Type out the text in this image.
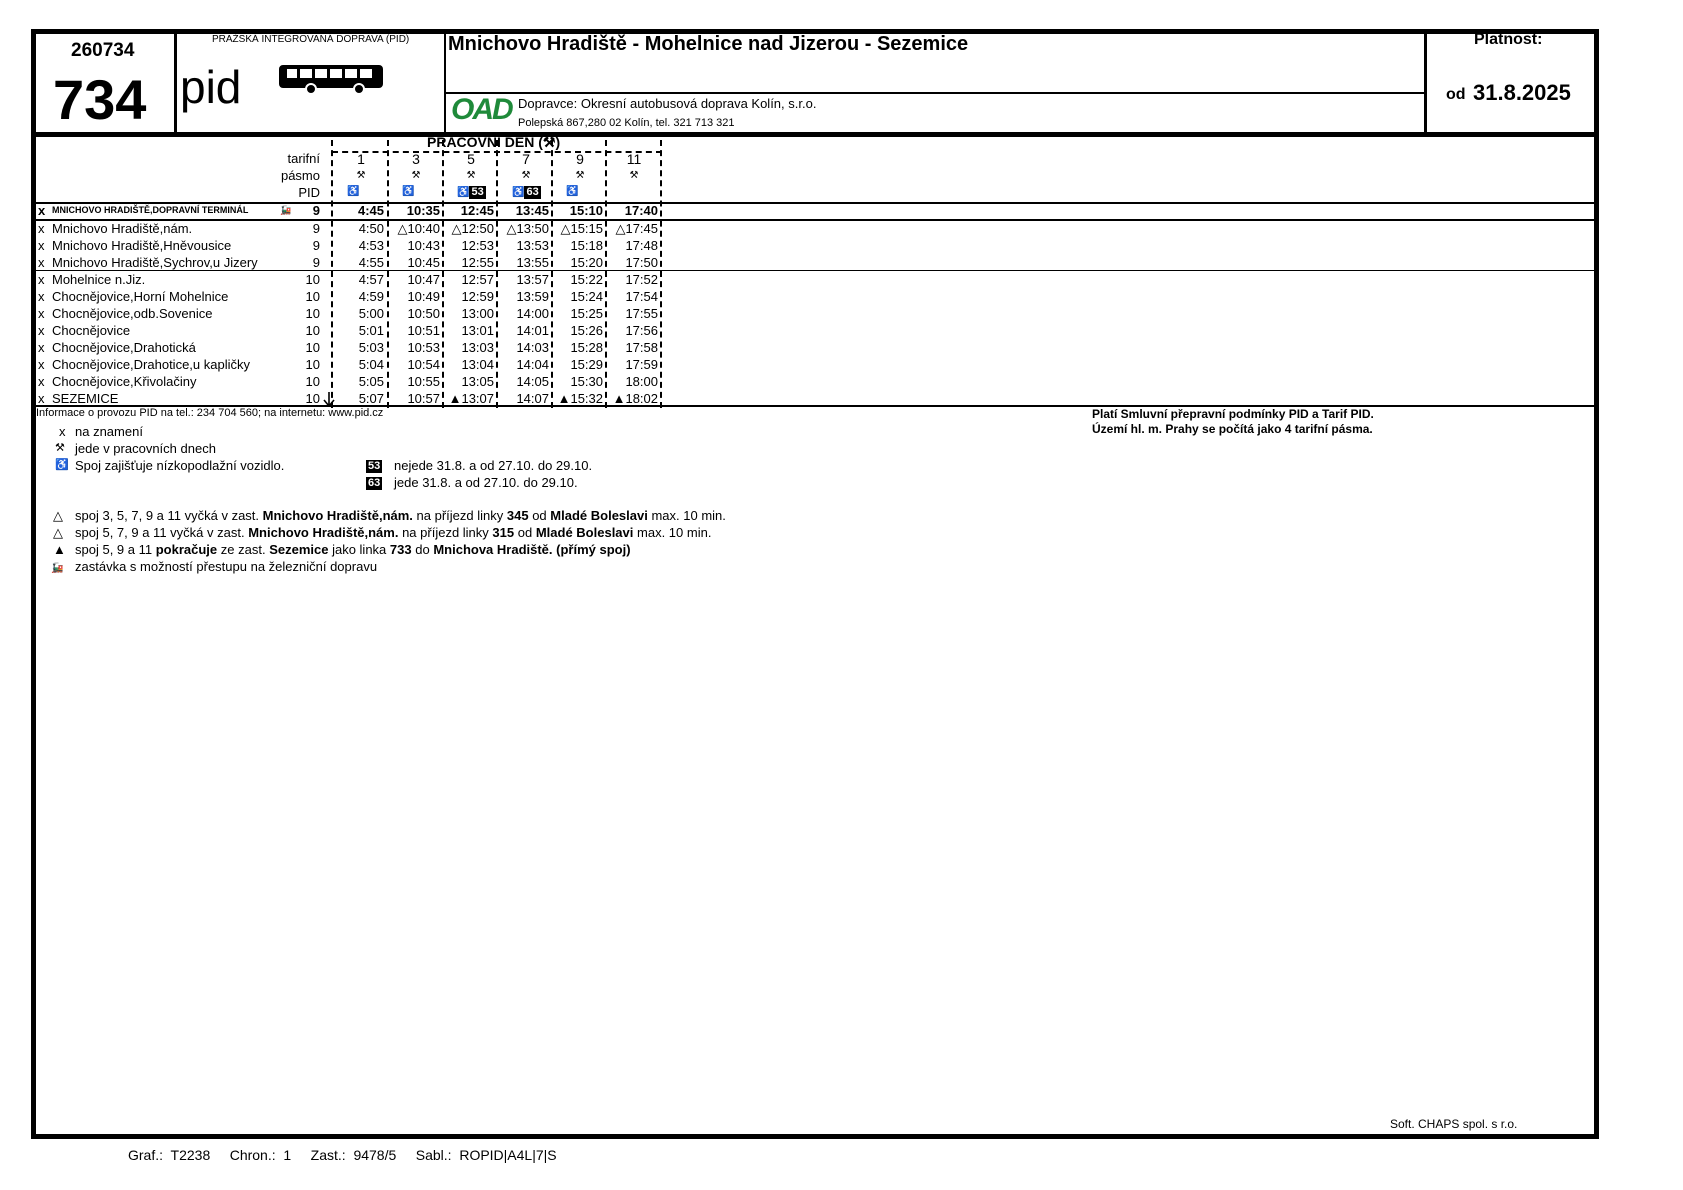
260734
734
PRAŽSKÁ INTEGROVANÁ DOPRAVA (PID)
pid
Mnichovo Hradiště - Mohelnice nad Jizerou - Sezemice
OAD Dopravce: Okresní autobusová doprava Kolín, s.r.o.
Polepská 867,280 02 Kolín, tel. 321 713 321
Platnost:
od 31.8.2025
PRACOVNÍ DEN (⚒)
tarifní
pásmo
PID
1
⚒
♿
3
⚒
♿
5
⚒
♿ 53
7
⚒
♿ 63
9
⚒
♿
11
⚒
x MNICHOVO HRADIŠTĚ,DOPRAVNÍ TERMINÁL	🚂	9	4:45	10:35	12:45	13:45	15:10	17:40
x Mnichovo Hradiště,nám.	9	4:50	△10:40 △12:50 △13:50 △15:15 △17:45
x Mnichovo Hradiště,Hněvousice	9	4:53	10:43	12:53	13:53	15:18	17:48
x Mnichovo Hradiště,Sychrov,u Jizery	9	4:55	10:45	12:55	13:55	15:20	17:50
x Mohelnice n.Jiz.	10	4:57	10:47	12:57	13:57	15:22	17:52
x Chocnějovice,Horní Mohelnice	10	4:59	10:49	12:59	13:59	15:24	17:54
x Chocnějovice,odb.Sovenice	10	5:00	10:50	13:00	14:00	15:25	17:55
x Chocnějovice	10	5:01	10:51	13:01	14:01	15:26	17:56
x Chocnějovice,Drahotická	10	5:03	10:53	13:03	14:03	15:28	17:58
x Chocnějovice,Drahotice,u kapličky	10	5:04	10:54	13:04	14:04	15:29	17:59
x Chocnějovice,Křivolačiny	10	5:05	10:55	13:05	14:05	15:30	18:00
x SEZEMICE	10	5:07	10:57 ▲13:07	14:07 ▲15:32 ▲18:02
Informace o provozu PID na tel.: 234 704 560; na internetu: www.pid.cz	Platí Smluvní přepravní podmínky PID a Tarif PID.
Území hl. m. Prahy se počítá jako 4 tarifní pásma.
x na znamení
⚒ jede v pracovních dnech
♿ Spoj zajišťuje nízkopodlažní vozidlo.	53 nejede 31.8. a od 27.10. do 29.10.
63 jede 31.8. a od 27.10. do 29.10.
△ spoj 3, 5, 7, 9 a 11 vyčká v zast. Mnichovo Hradiště,nám. na příjezd linky 345 od Mladé Boleslavi max. 10 min.
△ spoj 5, 7, 9 a 11 vyčká v zast. Mnichovo Hradiště,nám. na příjezd linky 315 od Mladé Boleslavi max. 10 min.
▲ spoj 5, 9 a 11 pokračuje ze zast. Sezemice jako linka 733 do Mnichova Hradiště. (přímý spoj)
🚂 zastávka s možností přestupu na železniční dopravu
Soft. CHAPS spol. s r.o.
Graf.: T2238 Chron.: 1 Zast.: 9478/5 Sabl.: ROPID|A4L|7|S
